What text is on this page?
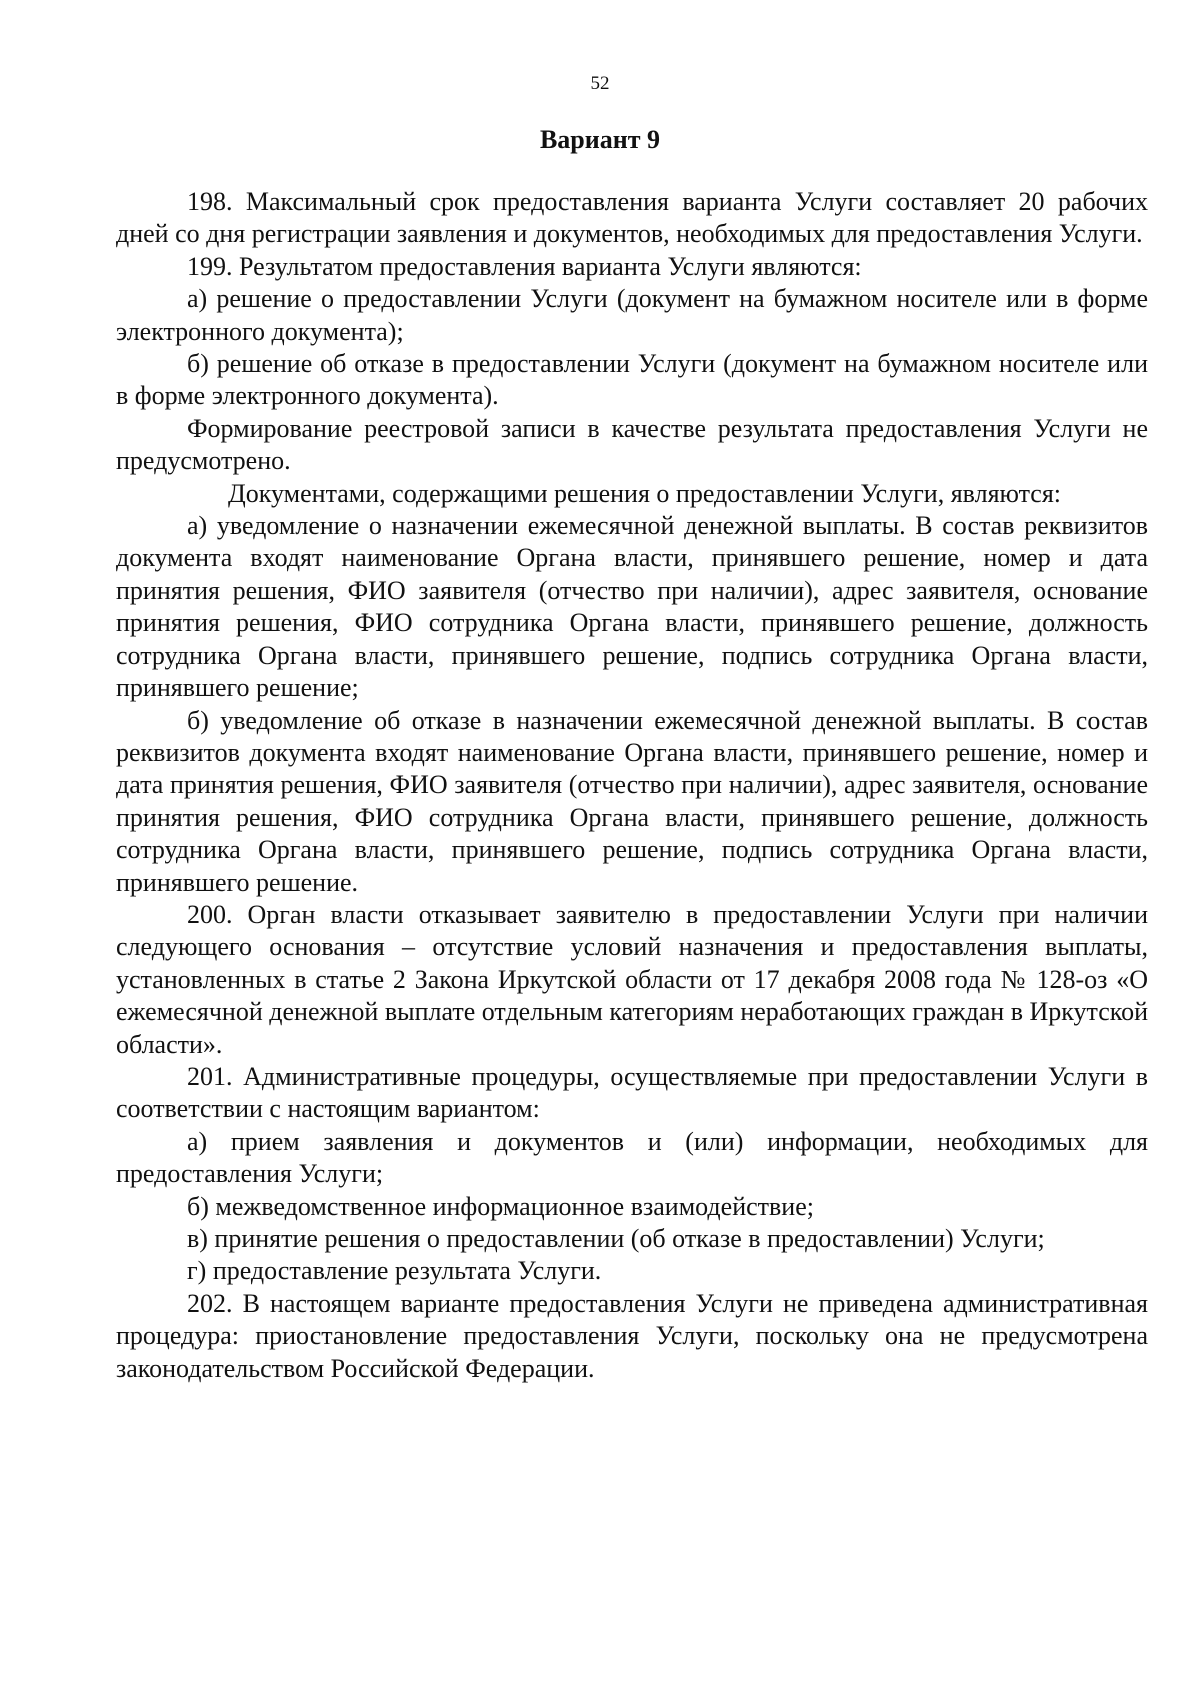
52
Вариант 9

198. Максимальный срок предоставления варианта Услуги составляет 20 рабочих дней со дня регистрации заявления и документов, необходимых для предоставления Услуги.

199. Результатом предоставления варианта Услуги являются:

а) решение о предоставлении Услуги (документ на бумажном носителе или в форме электронного документа);

б) решение об отказе в предоставлении Услуги (документ на бумажном носителе или в форме электронного документа).

Формирование реестровой записи в качестве результата предоставления Услуги не предусмотрено.

Документами, содержащими решения о предоставлении Услуги, являются:

а) уведомление о назначении ежемесячной денежной выплаты. В состав реквизитов документа входят наименование Органа власти, принявшего решение, номер и дата принятия решения, ФИО заявителя (отчество при наличии), адрес заявителя, основание принятия решения, ФИО сотрудника Органа власти, принявшего решение, должность сотрудника Органа власти, принявшего решение, подпись сотрудника Органа власти, принявшего решение;

б) уведомление об отказе в назначении ежемесячной денежной выплаты. В состав реквизитов документа входят наименование Органа власти, принявшего решение, номер и дата принятия решения, ФИО заявителя (отчество при наличии), адрес заявителя, основание принятия решения, ФИО сотрудника Органа власти, принявшего решение, должность сотрудника Органа власти, принявшего решение, подпись сотрудника Органа власти, принявшего решение.

200. Орган власти отказывает заявителю в предоставлении Услуги при наличии следующего основания – отсутствие условий назначения и предоставления выплаты, установленных в статье 2 Закона Иркутской области от 17 декабря 2008 года № 128-оз «О ежемесячной денежной выплате отдельным категориям неработающих граждан в Иркутской области».

201. Административные процедуры, осуществляемые при предоставлении Услуги в соответствии с настоящим вариантом:

а) прием заявления и документов и (или) информации, необходимых для предоставления Услуги;

б) межведомственное информационное взаимодействие;

в) принятие решения о предоставлении (об отказе в предоставлении) Услуги;

г) предоставление результата Услуги.

202. В настоящем варианте предоставления Услуги не приведена административная процедура: приостановление предоставления Услуги, поскольку она не предусмотрена законодательством Российской Федерации.
